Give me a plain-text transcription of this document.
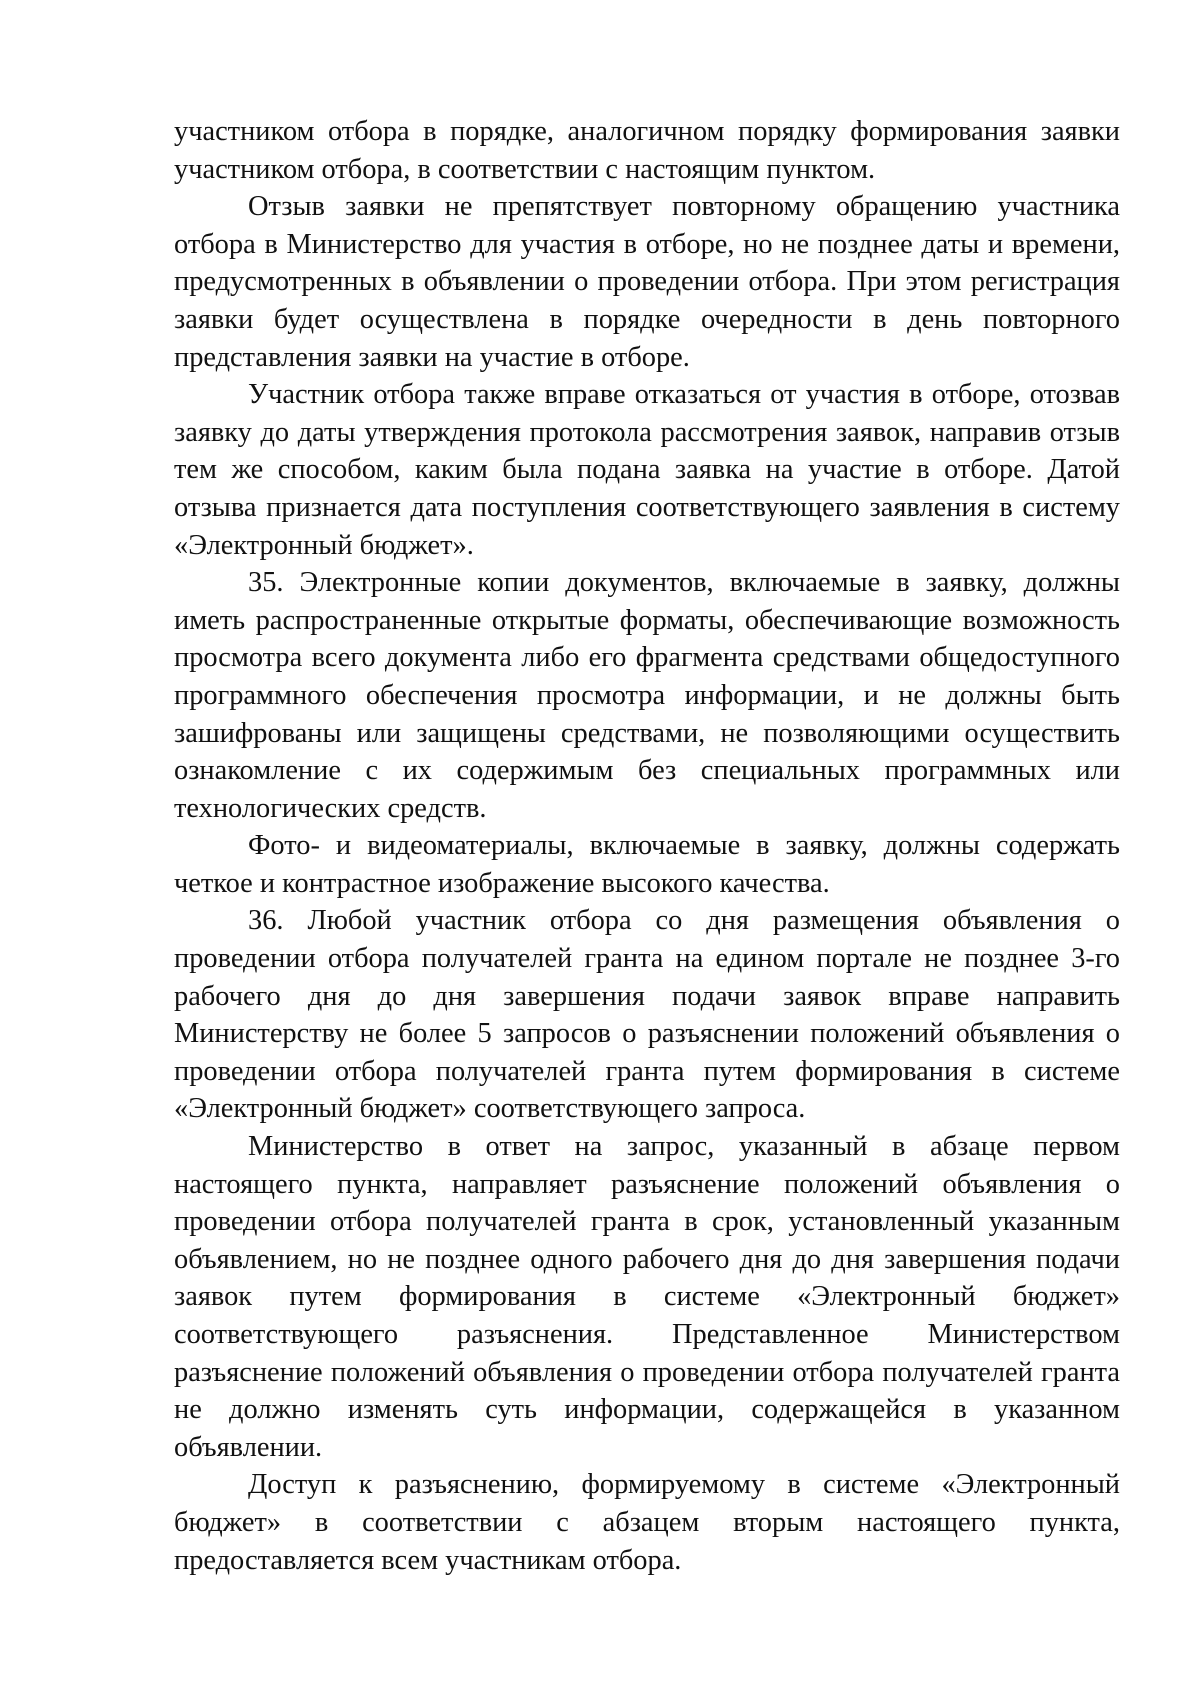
участником отбора в порядке, аналогичном порядку формирования заявки участником отбора, в соответствии с настоящим пунктом.

Отзыв заявки не препятствует повторному обращению участника отбора в Министерство для участия в отборе, но не позднее даты и времени, предусмотренных в объявлении о проведении отбора. При этом регистрация заявки будет осуществлена в порядке очередности в день повторного представления заявки на участие в отборе.

Участник отбора также вправе отказаться от участия в отборе, отозвав заявку до даты утверждения протокола рассмотрения заявок, направив отзыв тем же способом, каким была подана заявка на участие в отборе. Датой отзыва признается дата поступления соответствующего заявления в систему «Электронный бюджет».

35. Электронные копии документов, включаемые в заявку, должны иметь распространенные открытые форматы, обеспечивающие возможность просмотра всего документа либо его фрагмента средствами общедоступного программного обеспечения просмотра информации, и не должны быть зашифрованы или защищены средствами, не позволяющими осуществить ознакомление с их содержимым без специальных программных или технологических средств.

Фото- и видеоматериалы, включаемые в заявку, должны содержать четкое и контрастное изображение высокого качества.

36. Любой участник отбора со дня размещения объявления о проведении отбора получателей гранта на едином портале не позднее 3-го рабочего дня до дня завершения подачи заявок вправе направить Министерству не более 5 запросов о разъяснении положений объявления о проведении отбора получателей гранта путем формирования в системе «Электронный бюджет» соответствующего запроса.

Министерство в ответ на запрос, указанный в абзаце первом настоящего пункта, направляет разъяснение положений объявления о проведении отбора получателей гранта в срок, установленный указанным объявлением, но не позднее одного рабочего дня до дня завершения подачи заявок путем формирования в системе «Электронный бюджет» соответствующего разъяснения. Представленное Министерством разъяснение положений объявления о проведении отбора получателей гранта не должно изменять суть информации, содержащейся в указанном объявлении.

Доступ к разъяснению, формируемому в системе «Электронный бюджет» в соответствии с абзацем вторым настоящего пункта, предоставляется всем участникам отбора.
